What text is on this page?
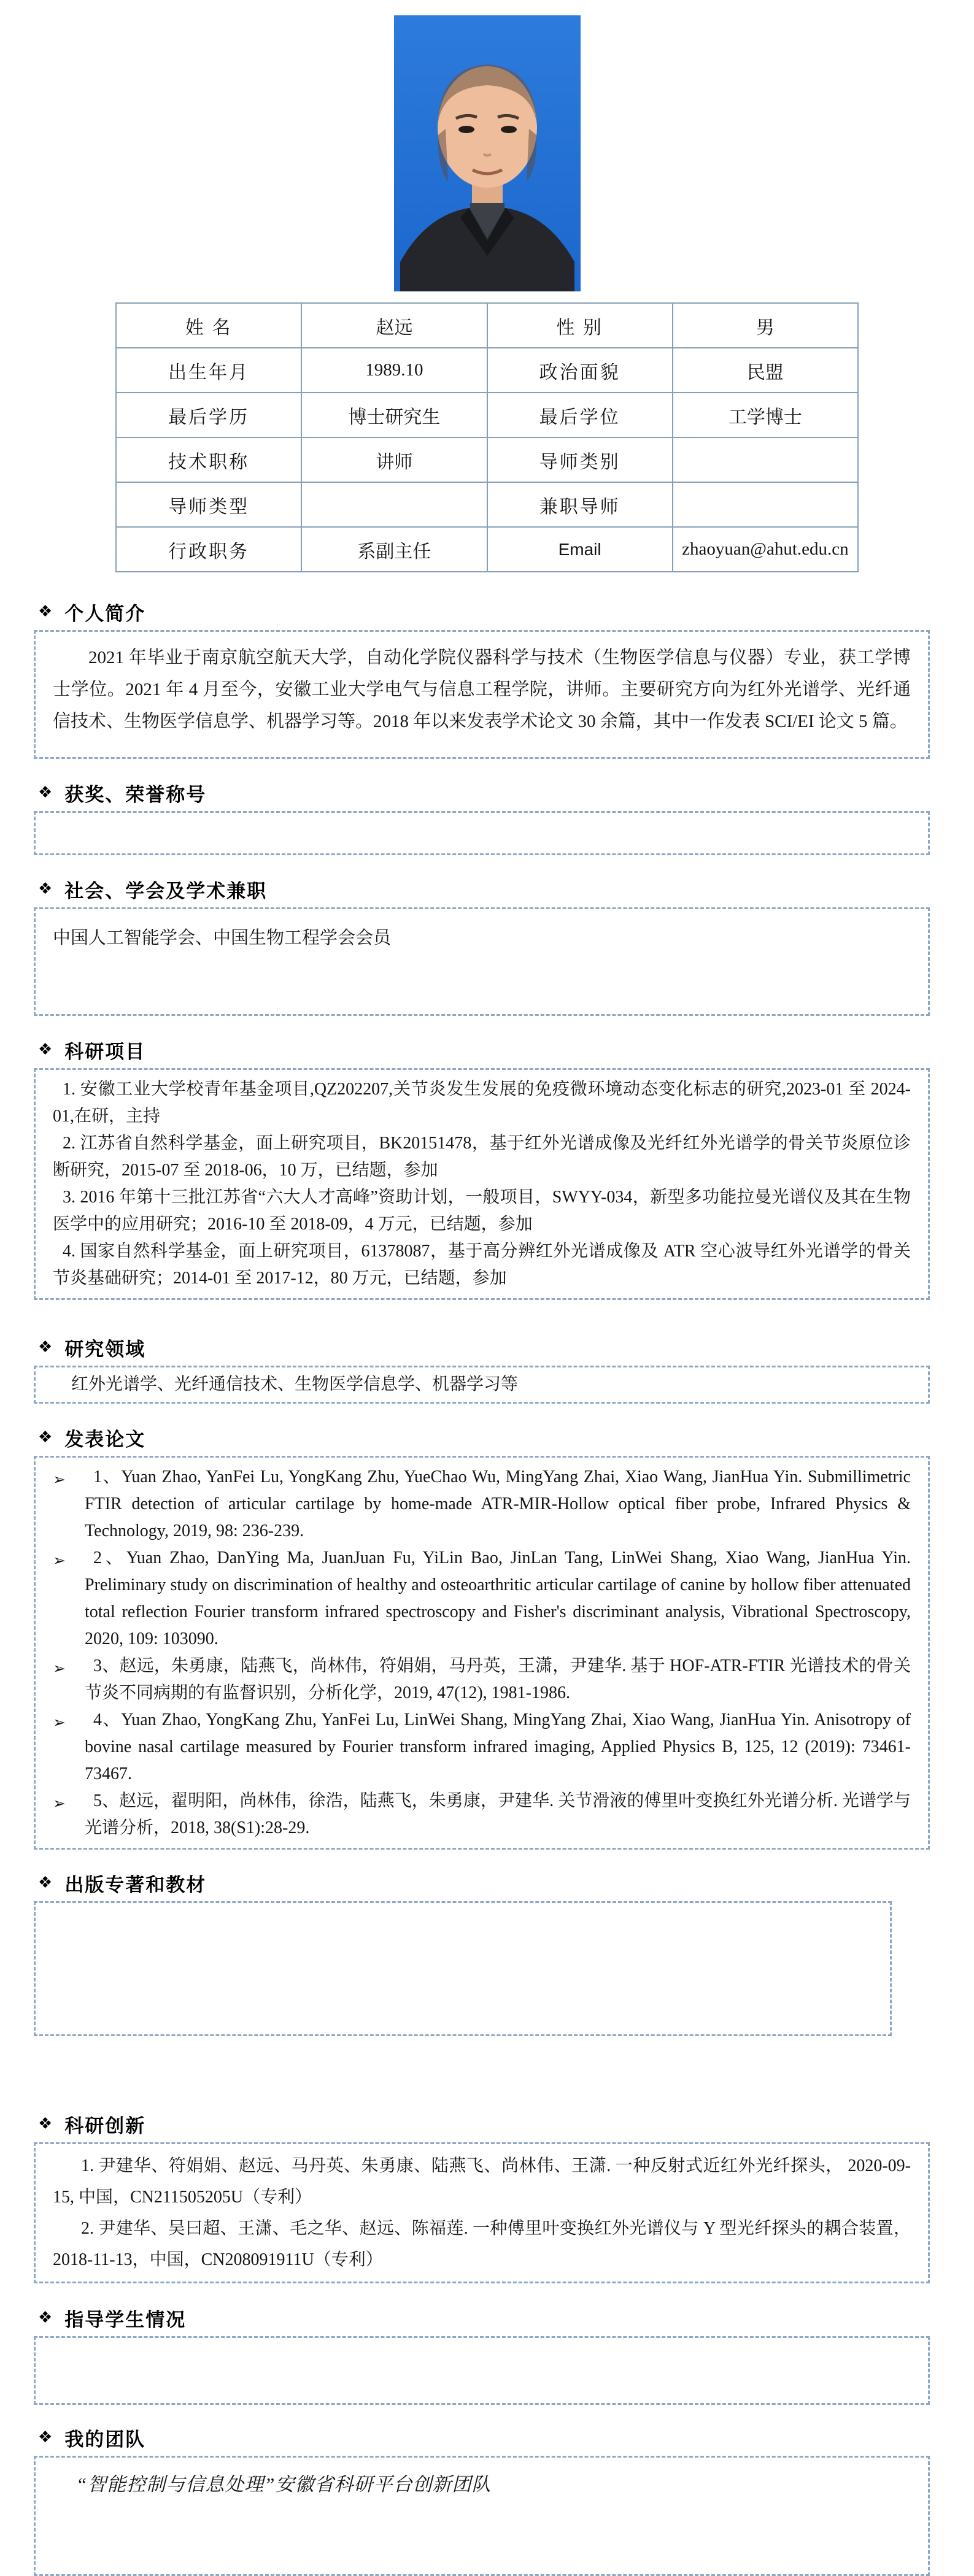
姓 名	赵远	性 别	男
出生年月	1989.10	政治面貌	民盟
最后学历	博士研究生	最后学位	工学博士
技术职称	讲师	导师类别	
导师类型		兼职导师	
行政职务	系副主任	Email	zhaoyuan@ahut.edu.cn
❖ 个人简介

2021 年毕业于南京航空航天大学，自动化学院仪器科学与技术（生物医学信息与仪器）专业，获工学博士学位。2021 年 4 月至今，安徽工业大学电气与信息工程学院，讲师。主要研究方向为红外光谱学、光纤通信技术、生物医学信息学、机器学习等。2018 年以来发表学术论文 30 余篇，其中一作发表 SCI/EI 论文 5 篇。

❖ 获奖、荣誉称号
❖ 社会、学会及学术兼职

中国人工智能学会、中国生物工程学会会员

❖ 科研项目

1. 安徽工业大学校青年基金项目,QZ202207,关节炎发生发展的免疫微环境动态变化标志的研究,2023-01 至 2024-01,在研，主持

2. 江苏省自然科学基金，面上研究项目，BK20151478，基于红外光谱成像及光纤红外光谱学的骨关节炎原位诊断研究，2015-07 至 2018-06，10 万，已结题，参加

3. 2016 年第十三批江苏省“六大人才高峰”资助计划，一般项目，SWYY-034，新型多功能拉曼光谱仪及其在生物医学中的应用研究；2016-10 至 2018-09，4 万元，已结题，参加

4. 国家自然科学基金，面上研究项目，61378087，基于高分辨红外光谱成像及 ATR 空心波导红外光谱学的骨关节炎基础研究；2014-01 至 2017-12，80 万元，已结题，参加

❖ 研究领域

红外光谱学、光纤通信技术、生物医学信息学、机器学习等

❖ 发表论文
➢	1、Yuan Zhao, YanFei Lu, YongKang Zhu, YueChao Wu, MingYang Zhai, Xiao Wang, JianHua Yin. Submillimetric FTIR detection of articular cartilage by home-made ATR-MIR-Hollow optical fiber probe, Infrared Physics & Technology, 2019, 98: 236-239.

➢	2、Yuan Zhao, DanYing Ma, JuanJuan Fu, YiLin Bao, JinLan Tang, LinWei Shang, Xiao Wang, JianHua Yin. Preliminary study on discrimination of healthy and osteoarthritic articular cartilage of canine by hollow fiber attenuated total reflection Fourier transform infrared spectroscopy and Fisher's discriminant analysis, Vibrational Spectroscopy, 2020, 109: 103090.

➢	3、赵远，朱勇康，陆燕飞，尚林伟，符娟娟，马丹英，王潇，尹建华. 基于 HOF-ATR-FTIR 光谱技术的骨关节炎不同病期的有监督识别，分析化学，2019, 47(12), 1981-1986.

➢	4、Yuan Zhao, YongKang Zhu, YanFei Lu, LinWei Shang, MingYang Zhai, Xiao Wang, JianHua Yin. Anisotropy of bovine nasal cartilage measured by Fourier transform infrared imaging, Applied Physics B, 125, 12 (2019): 73461-73467.

➢	5、赵远，翟明阳，尚林伟，徐浩，陆燕飞，朱勇康，尹建华. 关节滑液的傅里叶变换红外光谱分析. 光谱学与光谱分析，2018, 38(S1):28-29.

❖ 出版专著和教材
❖ 科研创新

1. 尹建华、符娟娟、赵远、马丹英、朱勇康、陆燕飞、尚林伟、王潇. 一种反射式近红外光纤探头， 2020-09-15, 中国，CN211505205U（专利）

2. 尹建华、吴曰超、王潇、毛之华、赵远、陈福莲. 一种傅里叶变换红外光谱仪与 Y 型光纤探头的耦合装置，2018-11-13，中国，CN208091911U（专利）

❖ 指导学生情况
❖ 我的团队

“智能控制与信息处理”安徽省科研平台创新团队
